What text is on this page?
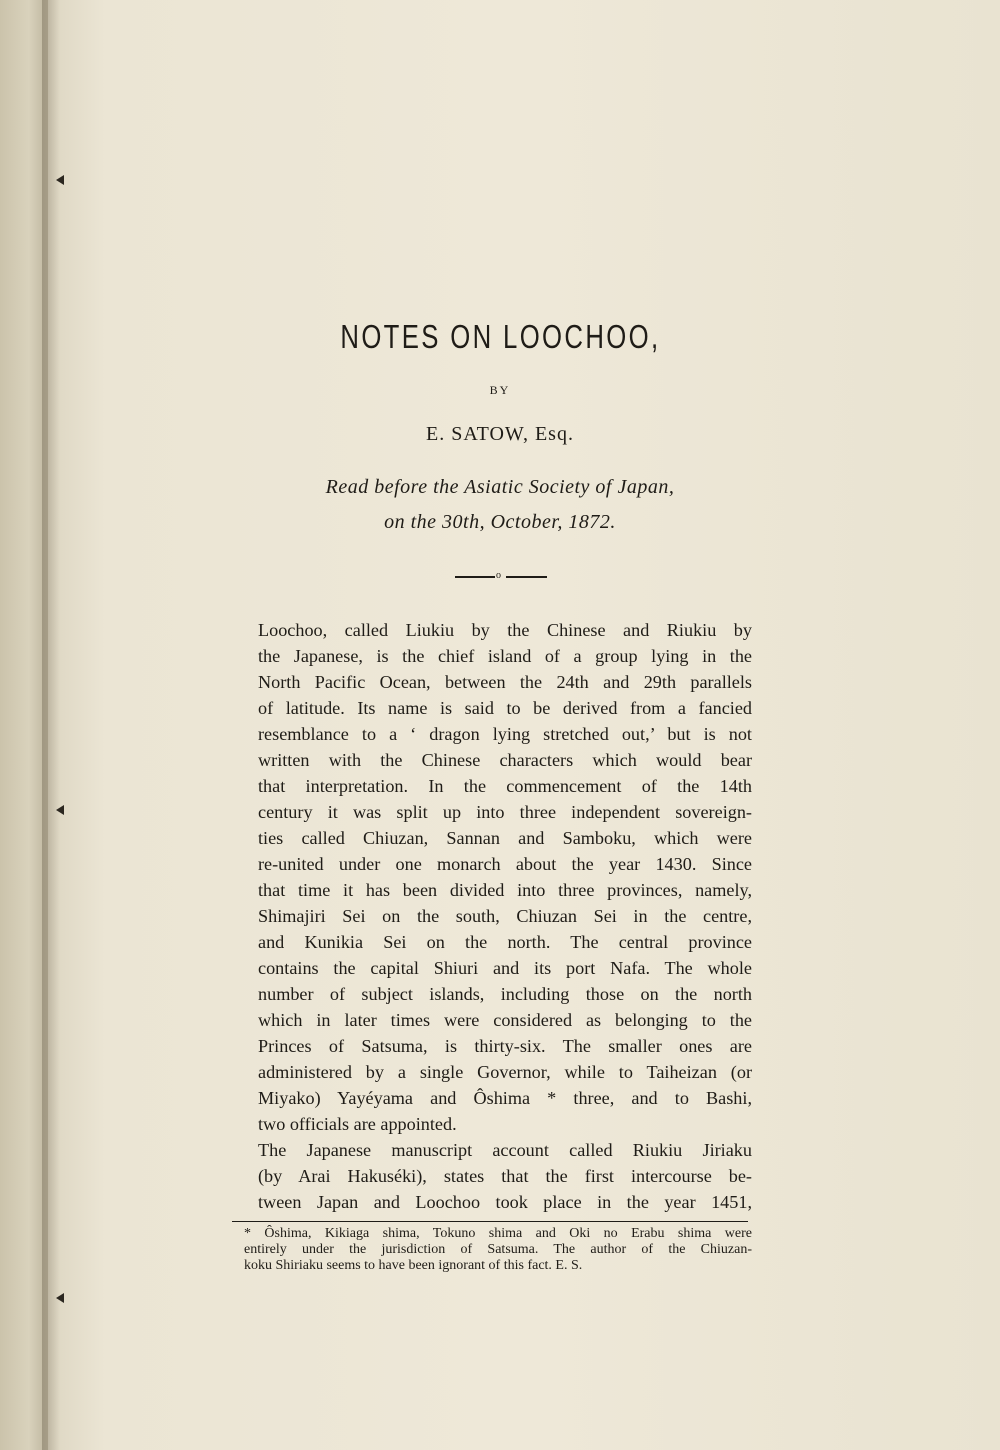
NOTES ON LOOCHOO,
BY
E. SATOW, Esq.
Read before the Asiatic Society of Japan,
on the 30th, October, 1872.
o
Loochoo, called Liukiu by the Chinese and Riukiu by
the Japanese, is the chief island of a group lying in the
North Pacific Ocean, between the 24th and 29th parallels
of latitude. Its name is said to be derived from a fancied
resemblance to a ‘ dragon lying stretched out,’ but is not
written with the Chinese characters which would bear
that interpretation. In the commencement of the 14th
century it was split up into three independent sovereign-
ties called Chiuzan, Sannan and Samboku, which were
re-united under one monarch about the year 1430. Since
that time it has been divided into three provinces, namely,
Shimajiri Sei on the south, Chiuzan Sei in the centre,
and Kunikia Sei on the north. The central province
contains the capital Shiuri and its port Nafa. The whole
number of subject islands, including those on the north
which in later times were considered as belonging to the
Princes of Satsuma, is thirty-six. The smaller ones are
administered by a single Governor, while to Taiheizan (or
Miyako) Yayéyama and Ôshima * three, and to Bashi,
two officials are appointed.
The Japanese manuscript account called Riukiu Jiriaku
(by Arai Hakuséki), states that the first intercourse be-
tween Japan and Loochoo took place in the year 1451,
* Ôshima, Kikiaga shima, Tokuno shima and Oki no Erabu shima were
entirely under the jurisdiction of Satsuma. The author of the Chiuzan-
koku Shiriaku seems to have been ignorant of this fact. E. S.
